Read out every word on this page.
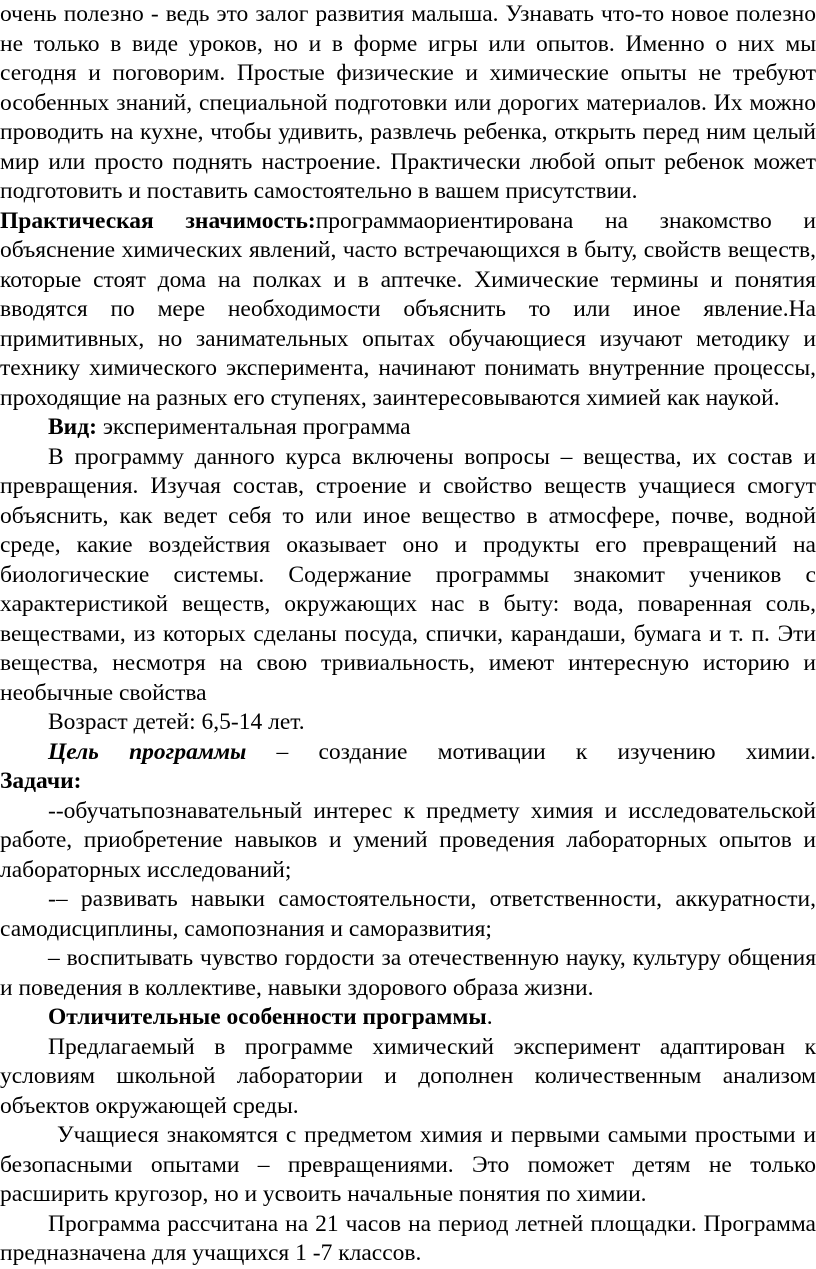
очень полезно - ведь это залог развития малыша. Узнавать что-то новое полезно не только в виде уроков, но и в форме игры или опытов. Именно о них мы сегодня и поговорим. Простые физические и химические опыты не требуют особенных знаний, специальной подготовки или дорогих материалов. Их можно проводить на кухне, чтобы удивить, развлечь ребенка, открыть перед ним целый мир или просто поднять настроение. Практически любой опыт ребенок может подготовить и поставить самостоятельно в вашем присутствии.

Практическая значимость:программаориентирована на знакомство и объяснение химических явлений, часто встречающихся в быту, свойств веществ, которые стоят дома на полках и в аптечке. Химические термины и понятия вводятся по мере необходимости объяснить то или иное явление.На примитивных, но занимательных опытах обучающиеся изучают методику и технику химического эксперимента, начинают понимать внутренние процессы, проходящие на разных его ступенях, заинтересовываются химией как наукой.

Вид: экспериментальная программа

В программу данного курса включены вопросы – вещества, их состав и превращения. Изучая состав, строение и свойство веществ учащиеся смогут объяснить, как ведет себя то или иное вещество в атмосфере, почве, водной среде, какие воздействия оказывает оно и продукты его превращений на биологические системы. Содержание программы знакомит учеников с характеристикой веществ, окружающих нас в быту: вода, поваренная соль, веществами, из которых сделаны посуда, спички, карандаши, бумага и т. п. Эти вещества, несмотря на свою тривиальность, имеют интересную историю и необычные свойства

Возраст детей: 6,5-14 лет.

Цель программы – создание мотивации к изучению химии.

Задачи:

--обучатьпознавательный интерес к предмету химия и исследовательской работе, приобретение навыков и умений проведения лабораторных опытов и лабораторных исследований;

-– развивать навыки самостоятельности, ответственности, аккуратности, самодисциплины, самопознания и саморазвития;

– воспитывать чувство гордости за отечественную науку, культуру общения и поведения в коллективе, навыки здорового образа жизни.

Отличительные особенности программы.

Предлагаемый в программе химический эксперимент адаптирован к условиям школьной лаборатории и дополнен количественным анализом объектов окружающей среды.

Учащиеся знакомятся с предметом химия и первыми самыми простыми и безопасными опытами – превращениями. Это поможет детям не только расширить кругозор, но и усвоить начальные понятия по химии.

Программа рассчитана на 21 часов на период летней площадки. Программа предназначена для учащихся 1 -7 классов.
